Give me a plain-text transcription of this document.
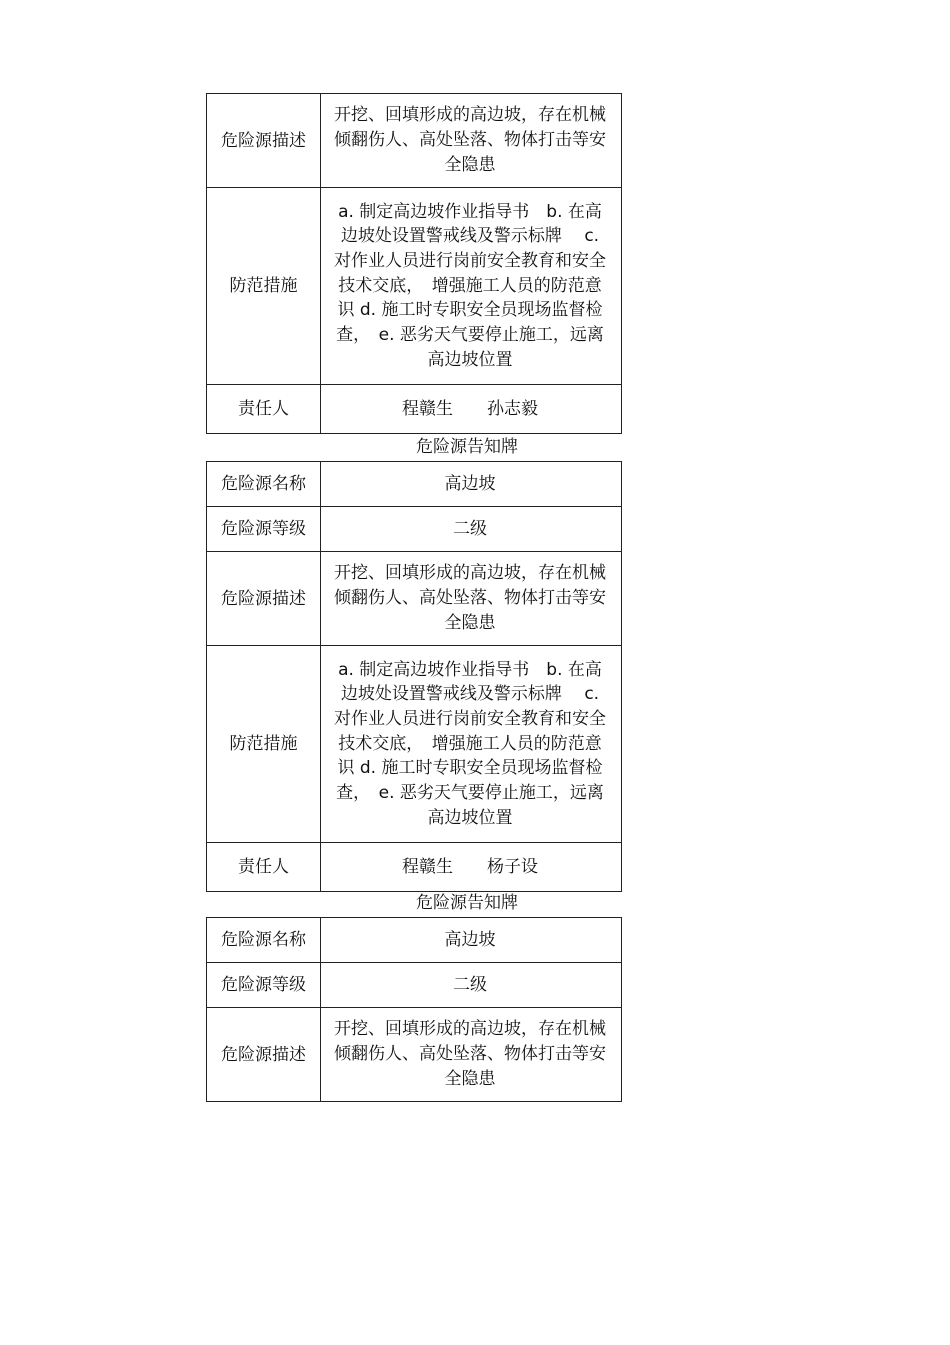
危险源描述	开挖、回填形成的高边坡，存在机械倾翻伤人、高处坠落、物体打击等安全隐患
防范措施	a. 制定高边坡作业指导书　b. 在高边坡处设置警戒线及警示标牌　 c. 对作业人员进行岗前安全教育和安全技术交底，　增强施工人员的防范意识 d. 施工时专职安全员现场监督检查，　e. 恶劣天气要停止施工，远离高边坡位置
责任人	程赣生 孙志毅
危险源告知牌
危险源名称	高边坡
危险源等级	二级
危险源描述	开挖、回填形成的高边坡，存在机械倾翻伤人、高处坠落、物体打击等安全隐患
防范措施	a. 制定高边坡作业指导书　b. 在高边坡处设置警戒线及警示标牌　 c. 对作业人员进行岗前安全教育和安全技术交底，　增强施工人员的防范意识 d. 施工时专职安全员现场监督检查，　e. 恶劣天气要停止施工，远离高边坡位置
责任人	程赣生 杨子设
危险源告知牌
危险源名称	高边坡
危险源等级	二级
危险源描述	开挖、回填形成的高边坡，存在机械倾翻伤人、高处坠落、物体打击等安全隐患
